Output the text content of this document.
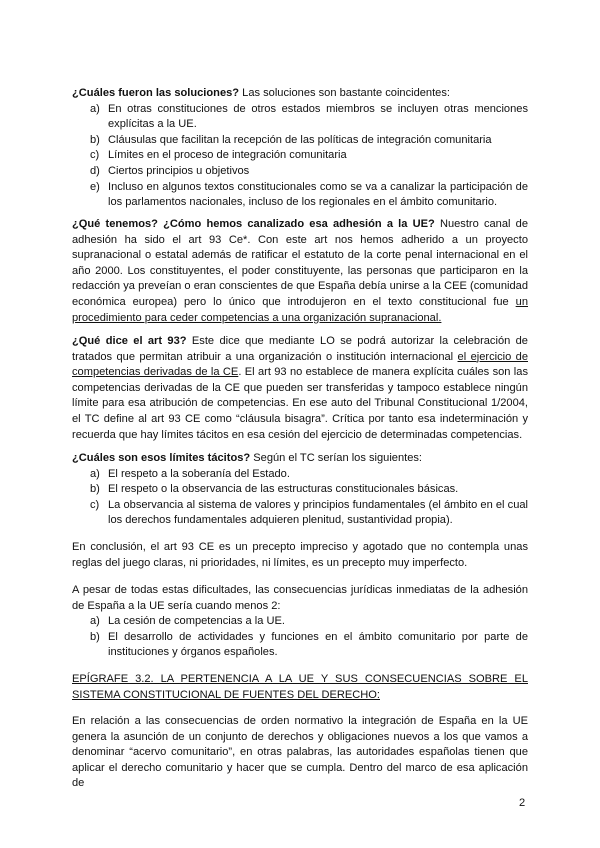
¿Cuáles fueron las soluciones? Las soluciones son bastante coincidentes:
a) En otras constituciones de otros estados miembros se incluyen otras menciones explícitas a la UE.
b) Cláusulas que facilitan la recepción de las políticas de integración comunitaria
c) Límites en el proceso de integración comunitaria
d) Ciertos principios u objetivos
e) Incluso en algunos textos constitucionales como se va a canalizar la participación de los parlamentos nacionales, incluso de los regionales en el ámbito comunitario.
¿Qué tenemos? ¿Cómo hemos canalizado esa adhesión a la UE? Nuestro canal de adhesión ha sido el art 93 Ce*. Con este art nos hemos adherido a un proyecto supranacional o estatal además de ratificar el estatuto de la corte penal internacional en el año 2000. Los constituyentes, el poder constituyente, las personas que participaron en la redacción ya preveían o eran conscientes de que España debía unirse a la CEE (comunidad económica europea) pero lo único que introdujeron en el texto constitucional fue un procedimiento para ceder competencias a una organización supranacional.
¿Qué dice el art 93? Este dice que mediante LO se podrá autorizar la celebración de tratados que permitan atribuir a una organización o institución internacional el ejercicio de competencias derivadas de la CE. El art 93 no establece de manera explícita cuáles son las competencias derivadas de la CE que pueden ser transferidas y tampoco establece ningún límite para esa atribución de competencias. En ese auto del Tribunal Constitucional 1/2004, el TC define al art 93 CE como “cláusula bisagra”. Crítica por tanto esa indeterminación y recuerda que hay límites tácitos en esa cesión del ejercicio de determinadas competencias.
¿Cuáles son esos límites tácitos? Según el TC serían los siguientes:
a) El respeto a la soberanía del Estado.
b) El respeto o la observancia de las estructuras constitucionales básicas.
c) La observancia al sistema de valores y principios fundamentales (el ámbito en el cual los derechos fundamentales adquieren plenitud, sustantividad propia).
En conclusión, el art 93 CE es un precepto impreciso y agotado que no contempla unas reglas del juego claras, ni prioridades, ni límites, es un precepto muy imperfecto.
A pesar de todas estas dificultades, las consecuencias jurídicas inmediatas de la adhesión de España a la UE sería cuando menos 2:
a) La cesión de competencias a la UE.
b) El desarrollo de actividades y funciones en el ámbito comunitario por parte de instituciones y órganos españoles.
EPÍGRAFE 3.2. LA PERTENENCIA A LA UE Y SUS CONSECUENCIAS SOBRE EL SISTEMA CONSTITUCIONAL DE FUENTES DEL DERECHO:
En relación a las consecuencias de orden normativo la integración de España en la UE genera la asunción de un conjunto de derechos y obligaciones nuevos a los que vamos a denominar “acervo comunitario”, en otras palabras, las autoridades españolas tienen que aplicar el derecho comunitario y hacer que se cumpla. Dentro del marco de esa aplicación de
2
